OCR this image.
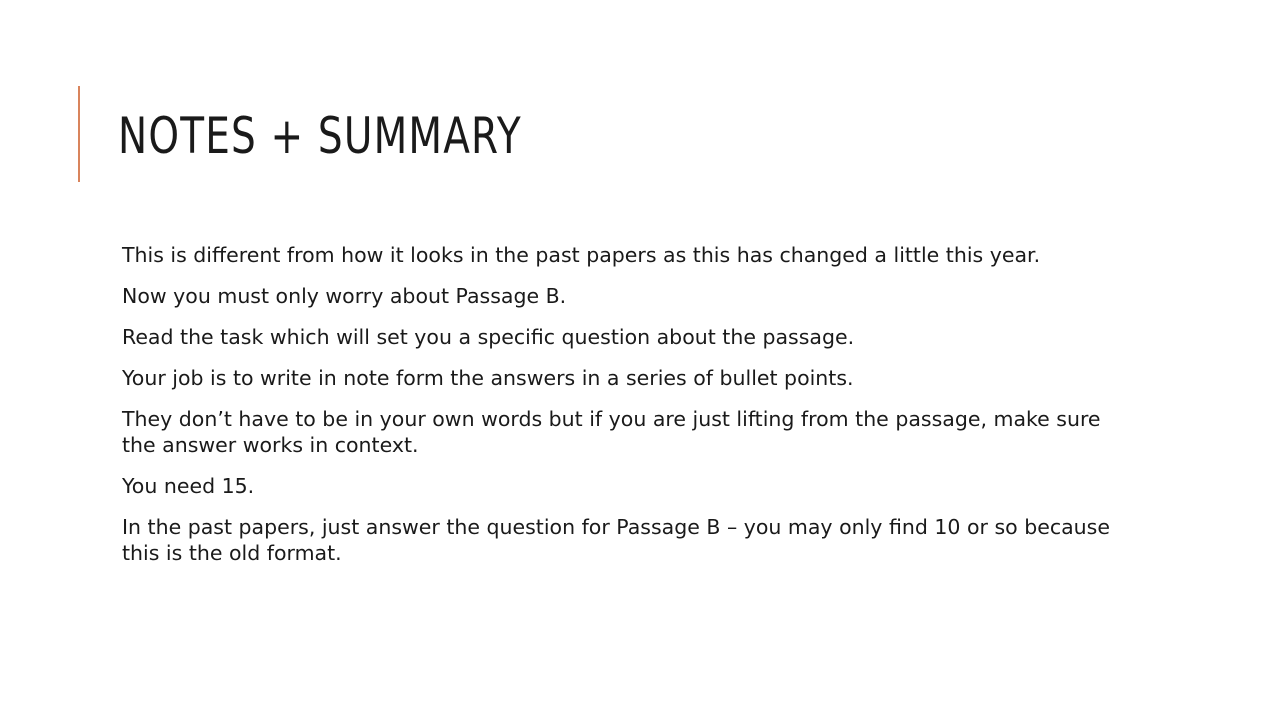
NOTES + SUMMARY
This is different from how it looks in the past papers as this has changed a little this year.
Now you must only worry about Passage B.
Read the task which will set you a specific question about the passage.
Your job is to write in note form the answers in a series of bullet points.
They don’t have to be in your own words but if you are just lifting from the passage, make sure the answer works in context.
You need 15.
In the past papers, just answer the question for Passage B – you may only find 10 or so because this is the old format.
